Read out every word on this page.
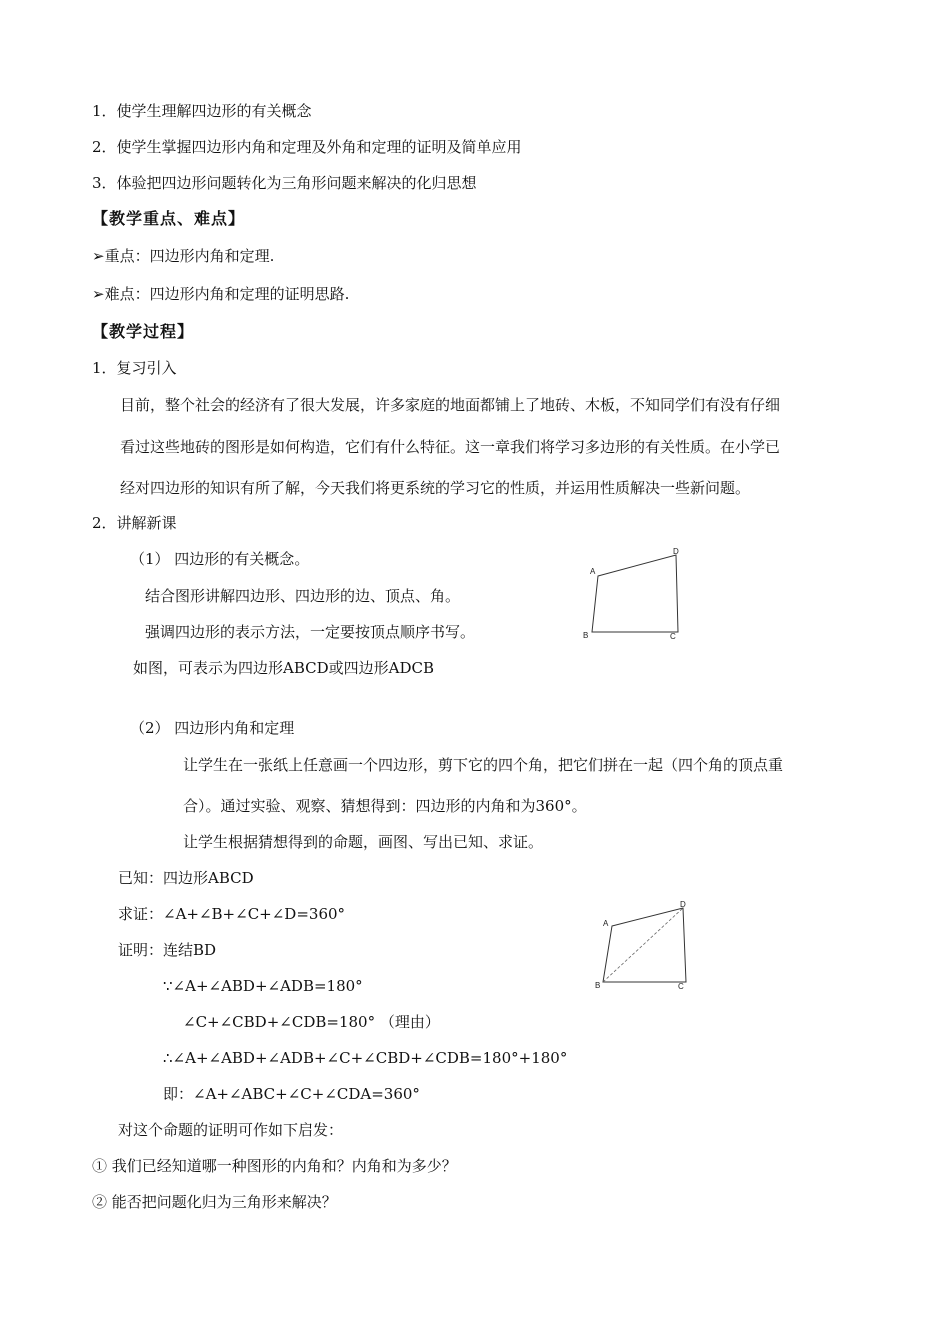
1．使学生理解四边形的有关概念
2．使学生掌握四边形内角和定理及外角和定理的证明及简单应用
3．体验把四边形问题转化为三角形问题来解决的化归思想
【教学重点、难点】
➢重点：四边形内角和定理.
➢难点：四边形内角和定理的证明思路.
【教学过程】
1．复习引入
目前，整个社会的经济有了很大发展，许多家庭的地面都铺上了地砖、木板，不知同学们有没有仔细
看过这些地砖的图形是如何构造，它们有什么特征。这一章我们将学习多边形的有关性质。在小学已
经对四边形的知识有所了解，今天我们将更系统的学习它的性质，并运用性质解决一些新问题。
2．讲解新课
（1） 四边形的有关概念。
结合图形讲解四边形、四边形的边、顶点、角。
强调四边形的表示方法，一定要按顶点顺序书写。
如图，可表示为四边形ABCD或四边形ADCB
A
D
B	C
（2） 四边形内角和定理
让学生在一张纸上任意画一个四边形，剪下它的四个角，把它们拼在一起（四个角的顶点重
合）。通过实验、观察、猜想得到：四边形的内角和为360°。
让学生根据猜想得到的命题，画图、写出已知、求证。
已知：四边形ABCD
求证：∠A+∠B+∠C+∠D=360°
证明：连结BD
∵∠A+∠ABD+∠ADB=180°
∠C+∠CBD+∠CDB=180° （理由）
∴∠A+∠ABD+∠ADB+∠C+∠CBD+∠CDB=180°+180°
即：∠A+∠ABC+∠C+∠CDA=360°
A
D
B	C
对这个命题的证明可作如下启发：
① 我们已经知道哪一种图形的内角和？内角和为多少？
② 能否把问题化归为三角形来解决？
